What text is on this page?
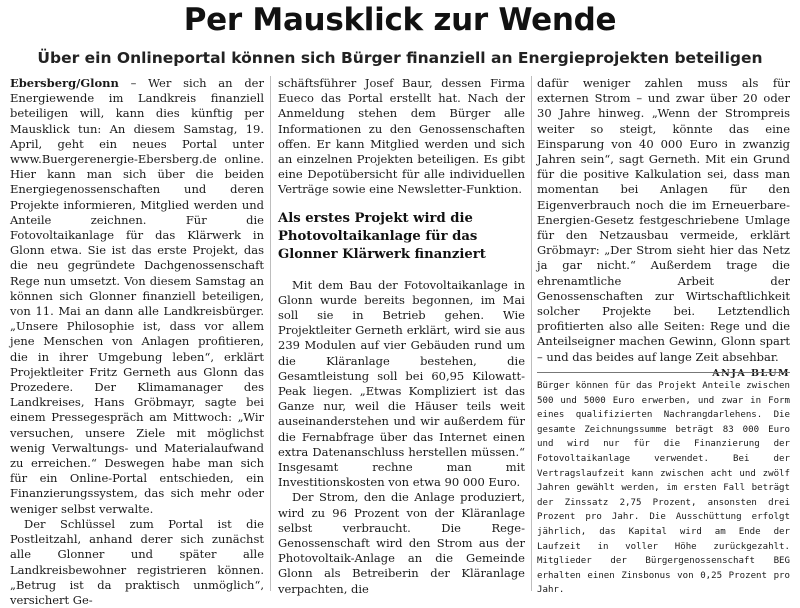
Per Mausklick zur Wende
Über ein Onlineportal können sich Bürger finanziell an Energieprojekten beteiligen

Ebersberg/Glonn – Wer sich an der Energiewende im Landkreis finanziell beteiligen will, kann dies künftig per Mausklick tun: An diesem Samstag, 19. April, geht ein neues Portal unter www.Buergerenergie-Ebersberg.de online. Hier kann man sich über die beiden Energiegenossenschaften und deren Projekte informieren, Mitglied werden und Anteile zeichnen. Für die Fotovoltaikanlage für das Klärwerk in Glonn etwa. Sie ist das erste Projekt, das die neu gegründete Dachgenossenschaft Rege nun umsetzt. Von diesem Samstag an können sich Glonner finanziell beteiligen, von 11. Mai an dann alle Landkreisbürger. „Unsere Philosophie ist, dass vor allem jene Menschen von Anlagen profitieren, die in ihrer Umgebung leben“, erklärt Projektleiter Fritz Gerneth aus Glonn das Prozedere. Der Klimamanager des Landkreises, Hans Gröbmayr, sagte bei einem Pressegespräch am Mittwoch: „Wir versuchen, unsere Ziele mit möglichst wenig Verwaltungs- und Materialaufwand zu erreichen.“ Deswegen habe man sich für ein Online-Portal entschieden, ein Finanzierungssystem, das sich mehr oder weniger selbst verwalte.

Der Schlüssel zum Portal ist die Postleitzahl, anhand derer sich zunächst alle Glonner und später alle Landkreisbewohner registrieren können. „Betrug ist da praktisch unmöglich“, versichert Ge-

schäftsführer Josef Baur, dessen Firma Eueco das Portal erstellt hat. Nach der Anmeldung stehen dem Bürger alle Informationen zu den Genossenschaften offen. Er kann Mitglied werden und sich an einzelnen Projekten beteiligen. Es gibt eine Depotübersicht für alle individuellen Verträge sowie eine Newsletter-Funktion.

Als erstes Projekt wird die Photovoltaikanlage für das Glonner Klärwerk finanziert

Mit dem Bau der Fotovoltaikanlage in Glonn wurde bereits begonnen, im Mai soll sie in Betrieb gehen. Wie Projektleiter Gerneth erklärt, wird sie aus 239 Modulen auf vier Gebäuden rund um die Kläranlage bestehen, die Gesamtleistung soll bei 60,95 Kilowatt-Peak liegen. „Etwas Kompliziert ist das Ganze nur, weil die Häuser teils weit auseinanderstehen und wir außerdem für die Fernabfrage über das Internet einen extra Datenanschluss herstellen müssen.“ Insgesamt rechne man mit Investitionskosten von etwa 90 000 Euro.

Der Strom, den die Anlage produziert, wird zu 96 Prozent von der Kläranlage selbst verbraucht. Die Rege-Genossenschaft wird den Strom aus der Photovoltaik-Anlage an die Gemeinde Glonn als Betreiberin der Kläranlage verpachten, die

dafür weniger zahlen muss als für externen Strom – und zwar über 20 oder 30 Jahre hinweg. „Wenn der Strompreis weiter so steigt, könnte das eine Einsparung von 40 000 Euro in zwanzig Jahren sein“, sagt Gerneth. Mit ein Grund für die positive Kalkulation sei, dass man momentan bei Anlagen für den Eigenverbrauch noch die im Erneuerbare-Energien-Gesetz festgeschriebene Umlage für den Netzausbau vermeide, erklärt Gröbmayr: „Der Strom sieht hier das Netz ja gar nicht.“ Außerdem trage die ehrenamtliche Arbeit der Genossenschaften zur Wirtschaftlichkeit solcher Projekte bei. Letztendlich profitierten also alle Seiten: Rege und die Anteilseigner machen Gewinn, Glonn spart – und das beides auf lange Zeit absehbar.

ANJA BLUM

Bürger können für das Projekt Anteile zwischen 500 und 5000 Euro erwerben, und zwar in Form eines qualifizierten Nachrangdarlehens. Die gesamte Zeichnungssumme beträgt 83 000 Euro und wird nur für die Finanzierung der Fotovoltaikanlage verwendet. Bei der Vertragslaufzeit kann zwischen acht und zwölf Jahren gewählt werden, im ersten Fall beträgt der Zinssatz 2,75 Prozent, ansonsten drei Prozent pro Jahr. Die Ausschüttung erfolgt jährlich, das Kapital wird am Ende der Laufzeit in voller Höhe zurückgezahlt. Mitglieder der Bürgergenossenschaft BEG erhalten einen Zinsbonus von 0,25 Prozent pro Jahr.
